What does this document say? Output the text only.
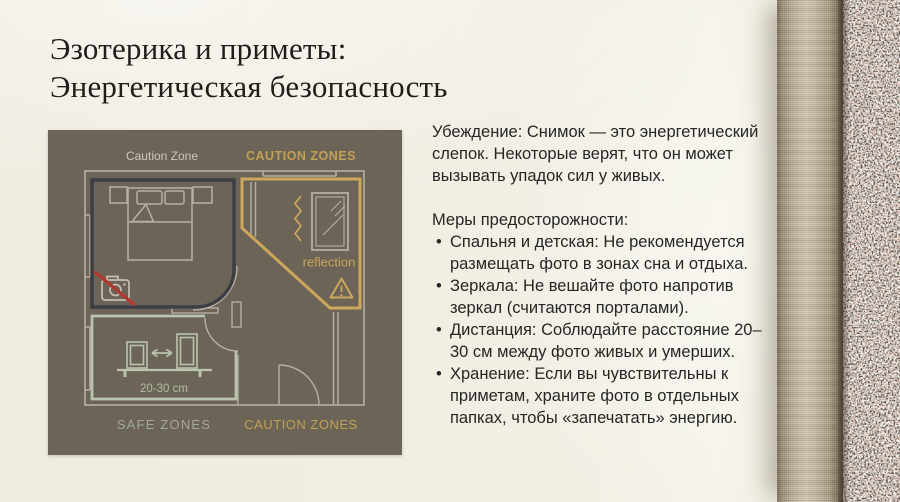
Эзотерика и приметы:
Энергетическая безопасность
Caution Zone	CAUTION ZONES
reflection
20-30 cm
SAFE ZONES	CAUTION ZONES

Убеждение: Снимок — это энергетический слепок. Некоторые верят, что он может вызывать упадок сил у живых.

Меры предосторожности:

• Спальня и детская: Не рекомендуется размещать фото в зонах сна и отдыха.
• Зеркала: Не вешайте фото напротив зеркал (считаются порталами).
• Дистанция: Соблюдайте расстояние 20–30 см между фото живых и умерших.
• Хранение: Если вы чувствительны к приметам, храните фото в отдельных папках, чтобы «запечатать» энергию.
